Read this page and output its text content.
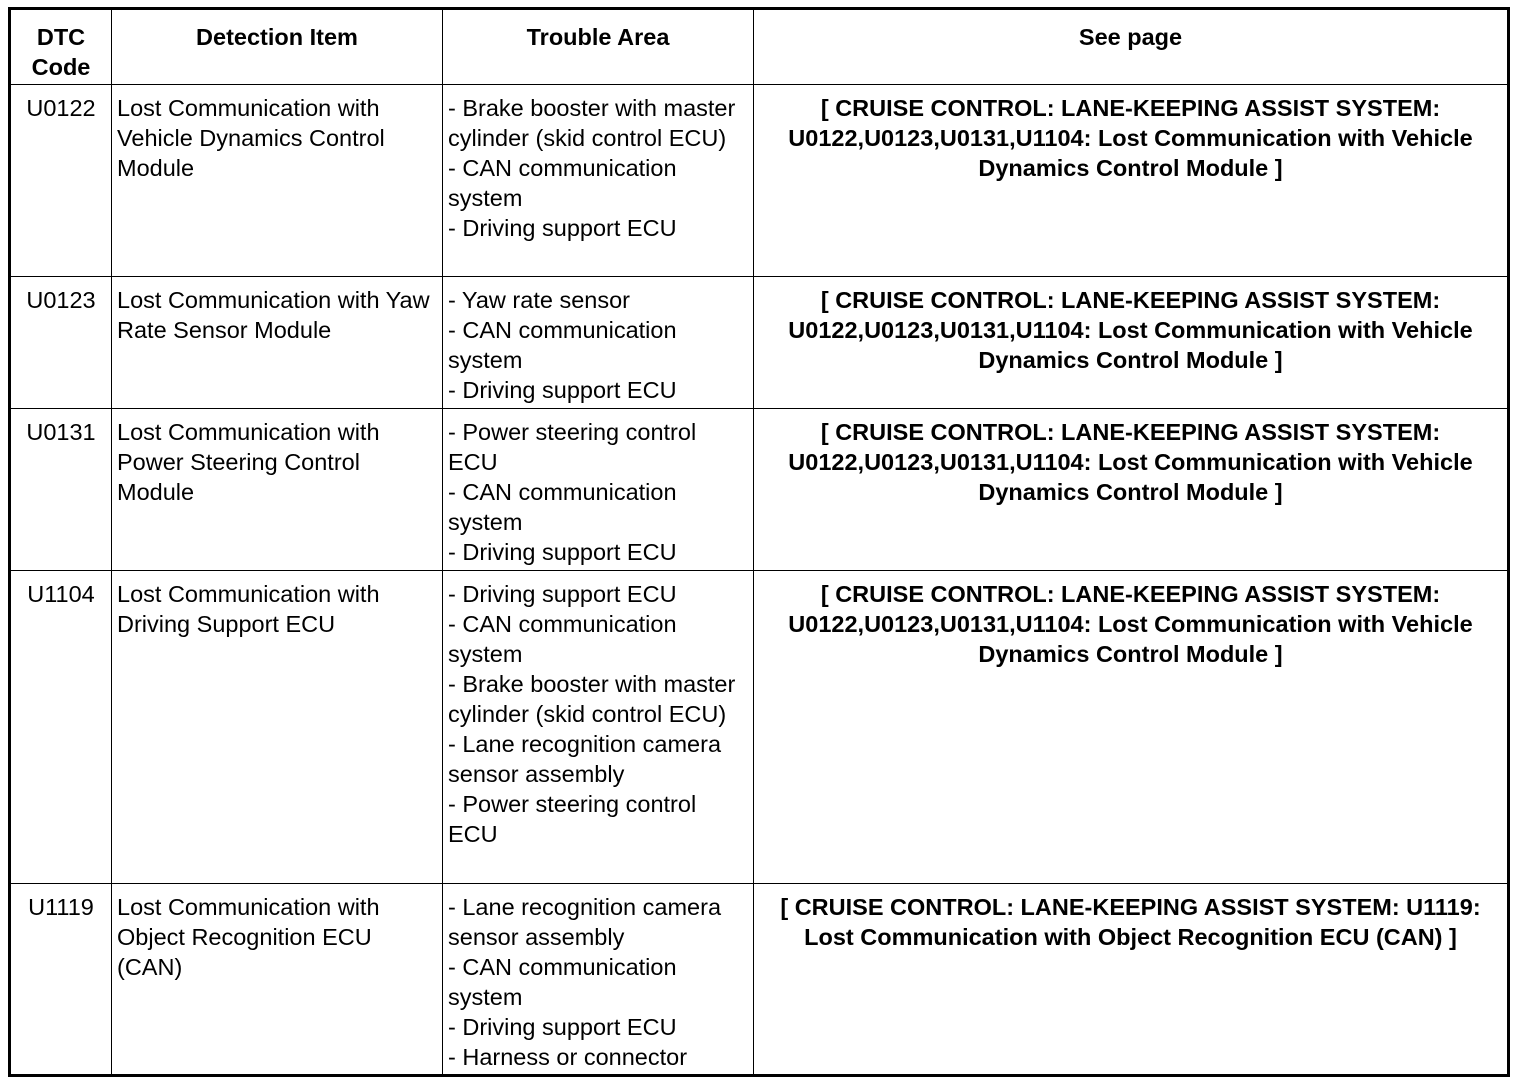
DTC
Code	Detection Item	Trouble Area	See page
U0122	Lost Communication with Vehicle Dynamics Control Module	- Brake booster with master cylinder (skid control ECU)
- CAN communication system
- Driving support ECU	[ CRUISE CONTROL: LANE-KEEPING ASSIST SYSTEM: U0122,U0123,U0131,U1104: Lost Communication with Vehicle Dynamics Control Module ]
U0123	Lost Communication with Yaw Rate Sensor Module	- Yaw rate sensor
- CAN communication system
- Driving support ECU	[ CRUISE CONTROL: LANE-KEEPING ASSIST SYSTEM: U0122,U0123,U0131,U1104: Lost Communication with Vehicle Dynamics Control Module ]
U0131	Lost Communication with Power Steering Control Module	- Power steering control ECU
- CAN communication system
- Driving support ECU	[ CRUISE CONTROL: LANE-KEEPING ASSIST SYSTEM: U0122,U0123,U0131,U1104: Lost Communication with Vehicle Dynamics Control Module ]
U1104	Lost Communication with Driving Support ECU	- Driving support ECU
- CAN communication system
- Brake booster with master cylinder (skid control ECU)
- Lane recognition camera sensor assembly
- Power steering control ECU	[ CRUISE CONTROL: LANE-KEEPING ASSIST SYSTEM: U0122,U0123,U0131,U1104: Lost Communication with Vehicle Dynamics Control Module ]
U1119	Lost Communication with Object Recognition ECU (CAN)	- Lane recognition camera sensor assembly
- CAN communication system
- Driving support ECU
- Harness or connector	[ CRUISE CONTROL: LANE-KEEPING ASSIST SYSTEM: U1119: Lost Communication with Object Recognition ECU (CAN) ]
